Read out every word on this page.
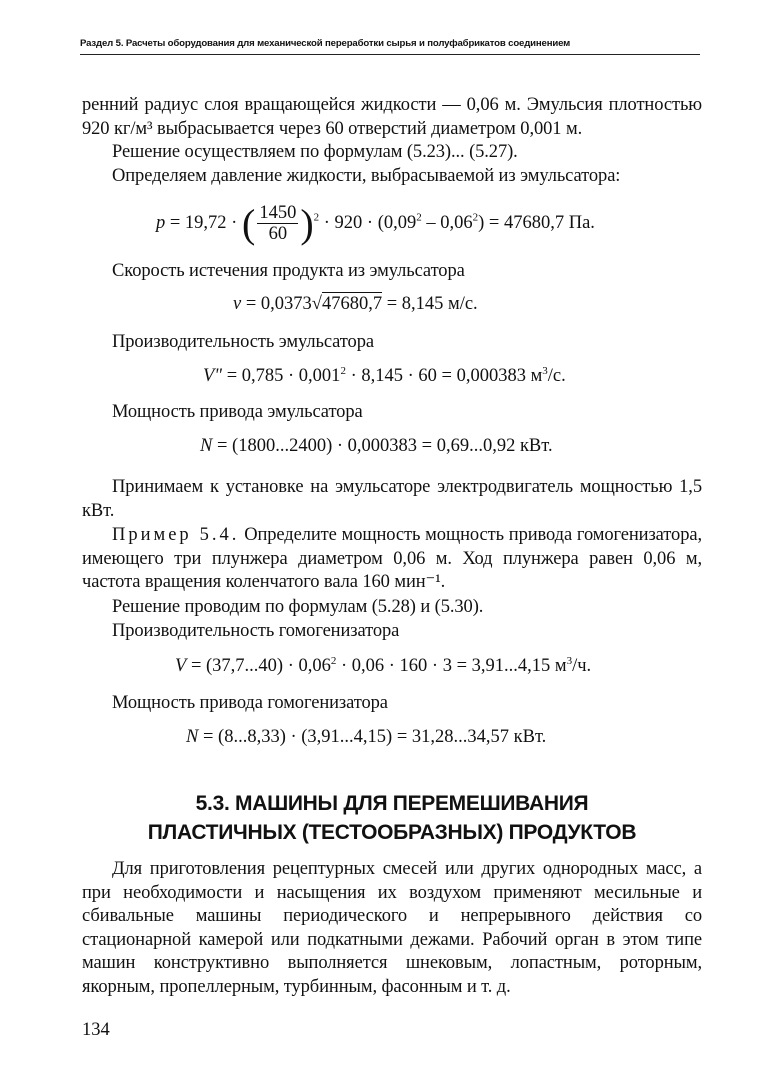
Раздел 5. Расчеты оборудования для механической переработки сырья и полуфабрикатов соединением

ренний радиус слоя вращающейся жидкости — 0,06 м. Эмульсия плотностью 920 кг/м³ выбрасывается через 60 отверстий диаметром 0,001 м.

Решение осуществляем по формулам (5.23)... (5.27).

Определяем давление жидкости, выбрасываемой из эмульсатора:

p = 19,72 · ( $\frac{1450}{60} )^2 \cdot 920 \cdot (0,09^2 - 0,06^2) = 47680,7$ Па.

Скорость истечения продукта из эмульсатора

v = 0,0373√47680,7 = 8,145 м/с.

Производительность эмульсатора

V" = $0,785 \cdot 0,001^2 \cdot 8,145 \cdot 60 = 0,000383$ $м^3/с$.

Мощность привода эмульсатора

N = (1800...2400) · 0,000383 = 0,69...0,92 кВт.

Принимаем к установке на эмульсаторе электродвигатель мощностью 1,5 кВт.

Пример 5.4. Определите мощность мощность привода гомогенизатора, имеющего три плунжера диаметром 0,06 м. Ход плунжера равен 0,06 м, частота вращения коленчатого вала 160 мин⁻¹.

Решение проводим по формулам (5.28) и (5.30).

Производительность гомогенизатора

$V = (37,7...40) \cdot 0,06^2 \cdot 0,06 \cdot 160 \cdot 3 = 3,91...4,15$ $м^3/ч$.

Мощность привода гомогенизатора

N = (8...8,33) · (3,91...4,15) = 31,28...34,57 кВт.
5.3. МАШИНЫ ДЛЯ ПЕРЕМЕШИВАНИЯ
ПЛАСТИЧНЫХ (ТЕСТООБРАЗНЫХ) ПРОДУКТОВ

Для приготовления рецептурных смесей или других однородных масс, а при необходимости и насыщения их воздухом применяют месильные и сбивальные машины периодического и непрерывного действия со стационарной камерой или подкатными дежами. Рабочий орган в этом типе машин конструктивно выполняется шнековым, лопастным, роторным, якорным, пропеллерным, турбинным, фасонным и т. д.

134
